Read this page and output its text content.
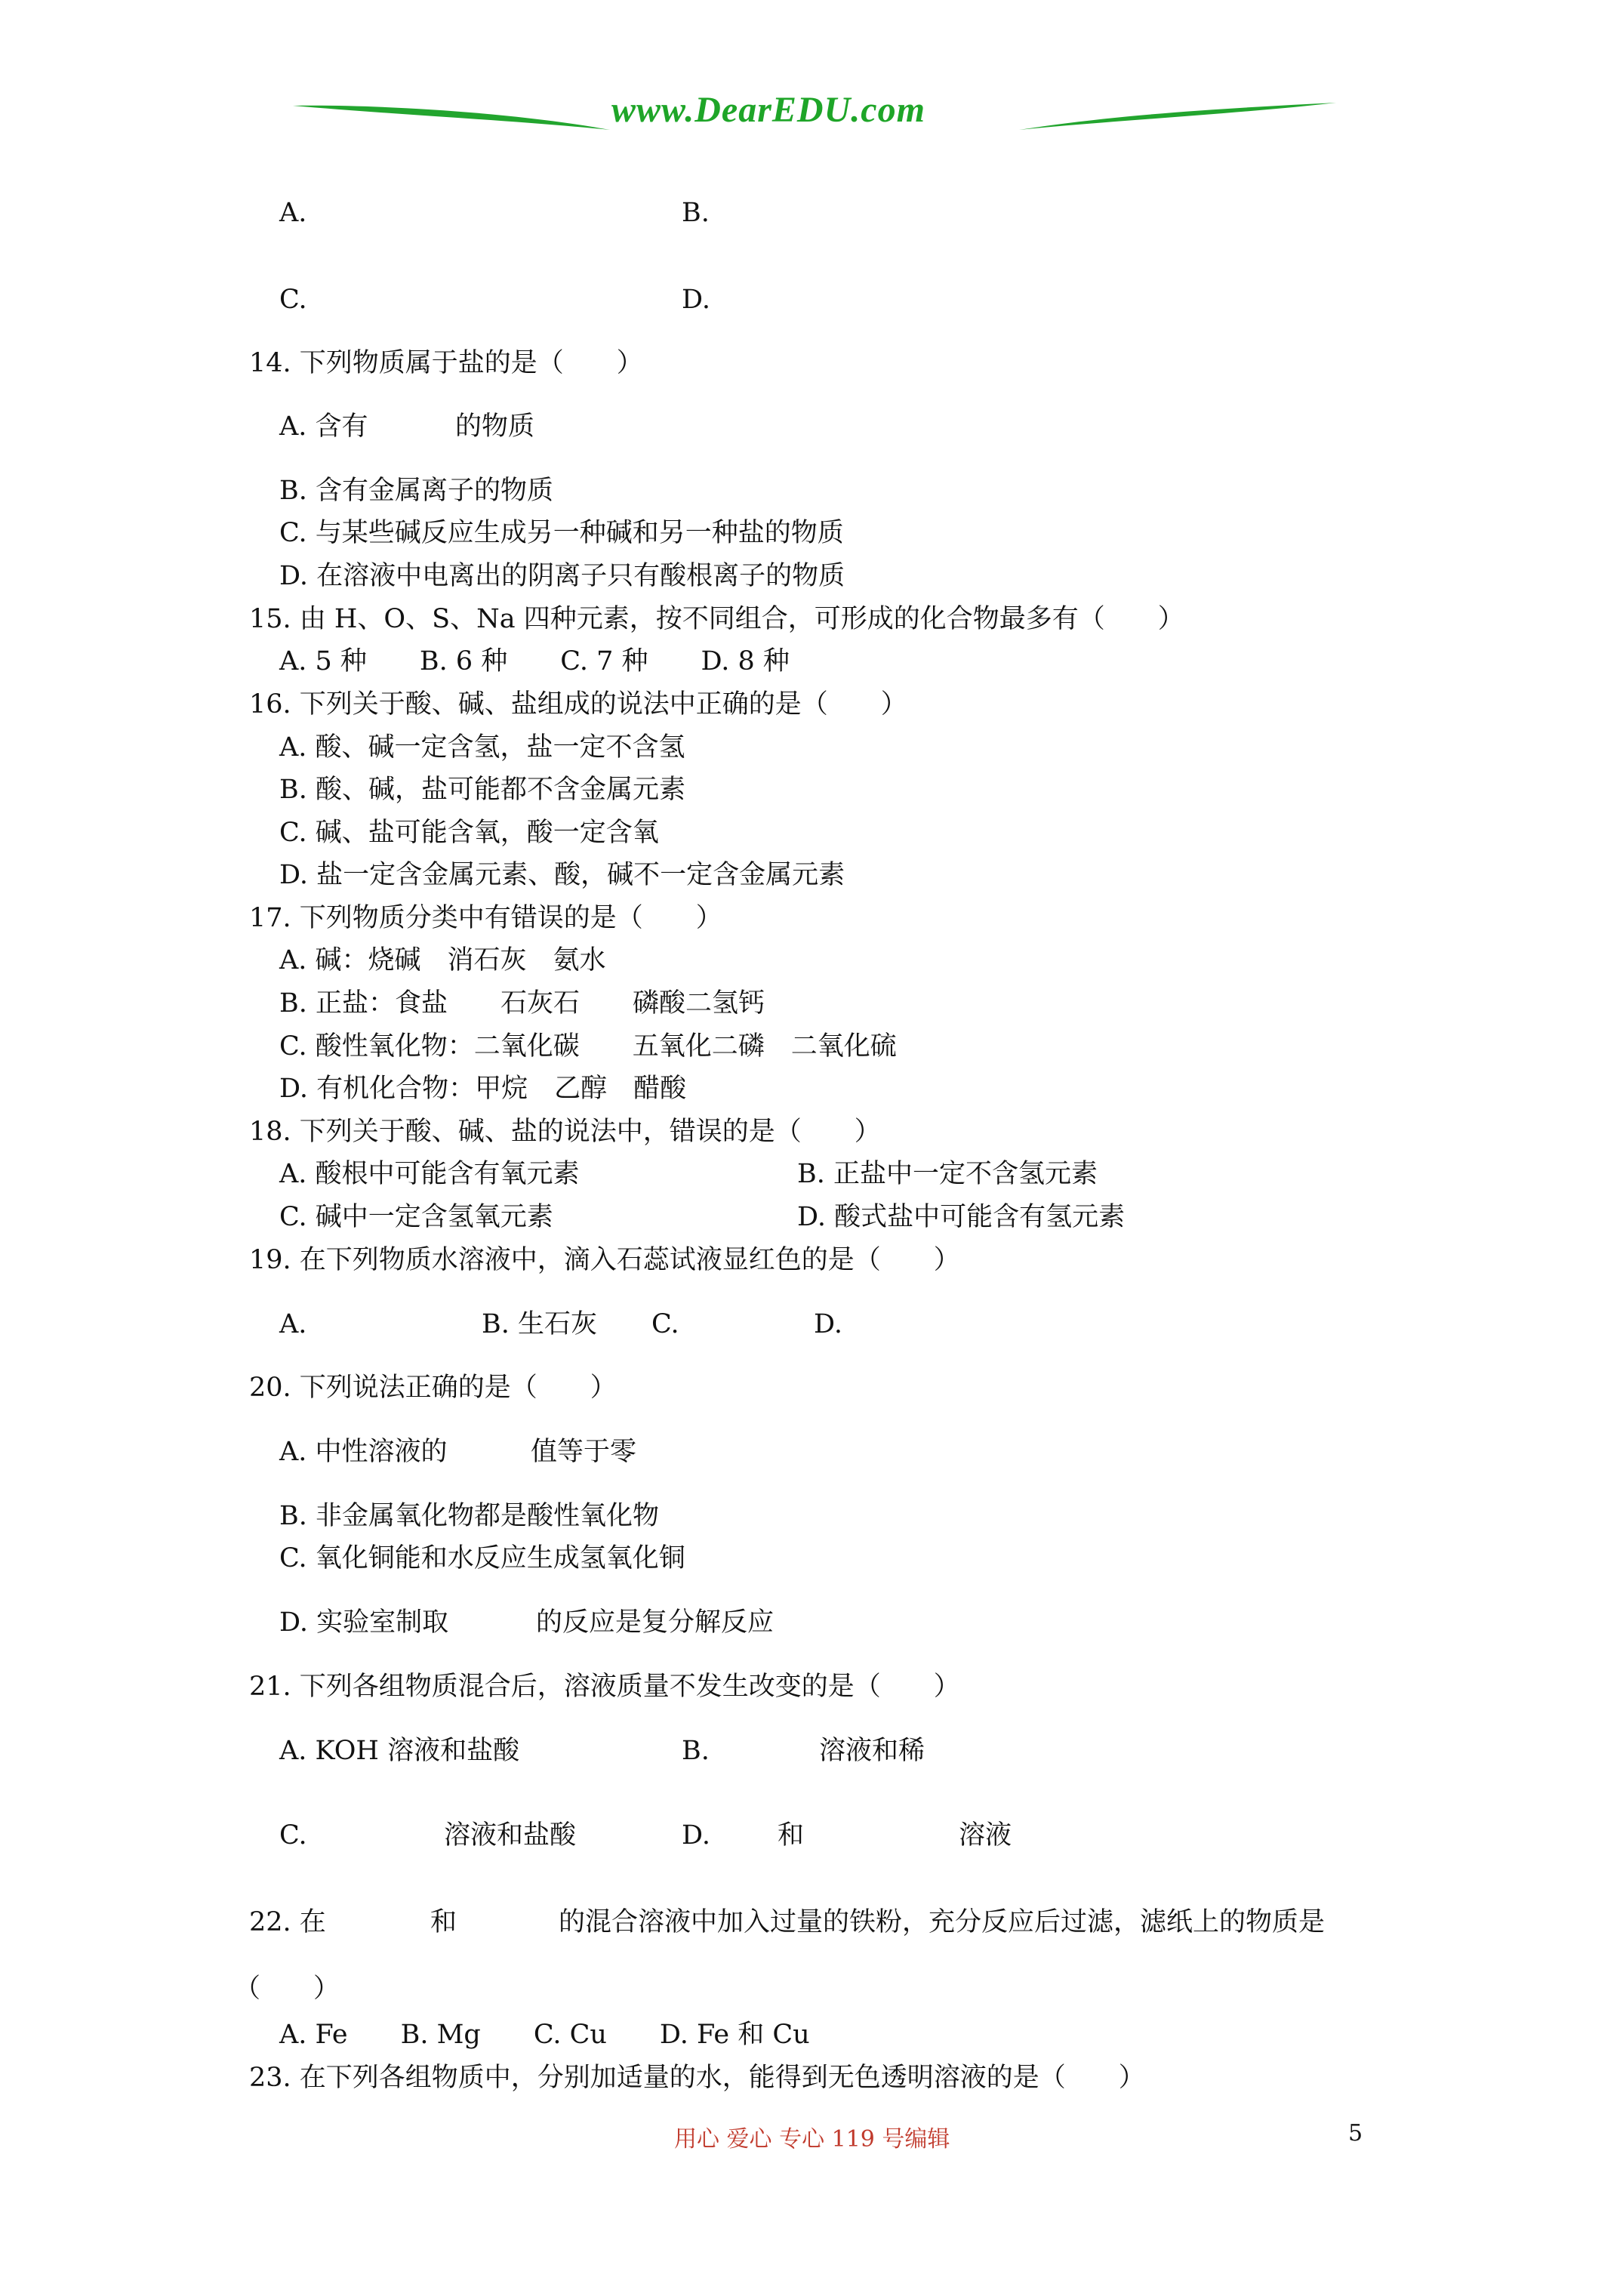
www.DearEDU.com
A.	B.
C.	D.
14. 下列物质属于盐的是（　　）
A. 含有	的物质
B. 含有金属离子的物质
C. 与某些碱反应生成另一种碱和另一种盐的物质
D. 在溶液中电离出的阴离子只有酸根离子的物质
15. 由 H、O、S、Na 四种元素，按不同组合，可形成的化合物最多有（　　）
A. 5 种　　B. 6 种　　C. 7 种　　D. 8 种
16. 下列关于酸、碱、盐组成的说法中正确的是（　　）
A. 酸、碱一定含氢，盐一定不含氢
B. 酸、碱，盐可能都不含金属元素
C. 碱、盐可能含氧，酸一定含氧
D. 盐一定含金属元素、酸，碱不一定含金属元素
17. 下列物质分类中有错误的是（　　）
A. 碱：烧碱　消石灰　氨水
B. 正盐：食盐　　石灰石　　磷酸二氢钙
C. 酸性氧化物：二氧化碳　　五氧化二磷　二氧化硫
D. 有机化合物：甲烷　乙醇　醋酸
18. 下列关于酸、碱、盐的说法中，错误的是（　　）
A. 酸根中可能含有氧元素	B. 正盐中一定不含氢元素
C. 碱中一定含氢氧元素	D. 酸式盐中可能含有氢元素
19. 在下列物质水溶液中，滴入石蕊试液显红色的是（　　）
A.	B. 生石灰 C.	D.
20. 下列说法正确的是（　　）
A. 中性溶液的	值等于零
B. 非金属氧化物都是酸性氧化物
C. 氧化铜能和水反应生成氢氧化铜
D. 实验室制取	的反应是复分解反应
21. 下列各组物质混合后，溶液质量不发生改变的是（　　）
A. KOH 溶液和盐酸	B.	溶液和稀
C.	溶液和盐酸	D.	和	溶液
22. 在	和	的混合溶液中加入过量的铁粉，充分反应后过滤，滤纸上的物质是
（　　）
A. Fe　　B. Mg　　C. Cu　　D. Fe 和 Cu
23. 在下列各组物质中，分别加适量的水，能得到无色透明溶液的是（　　）
用心 爱心 专心 119 号编辑	5
